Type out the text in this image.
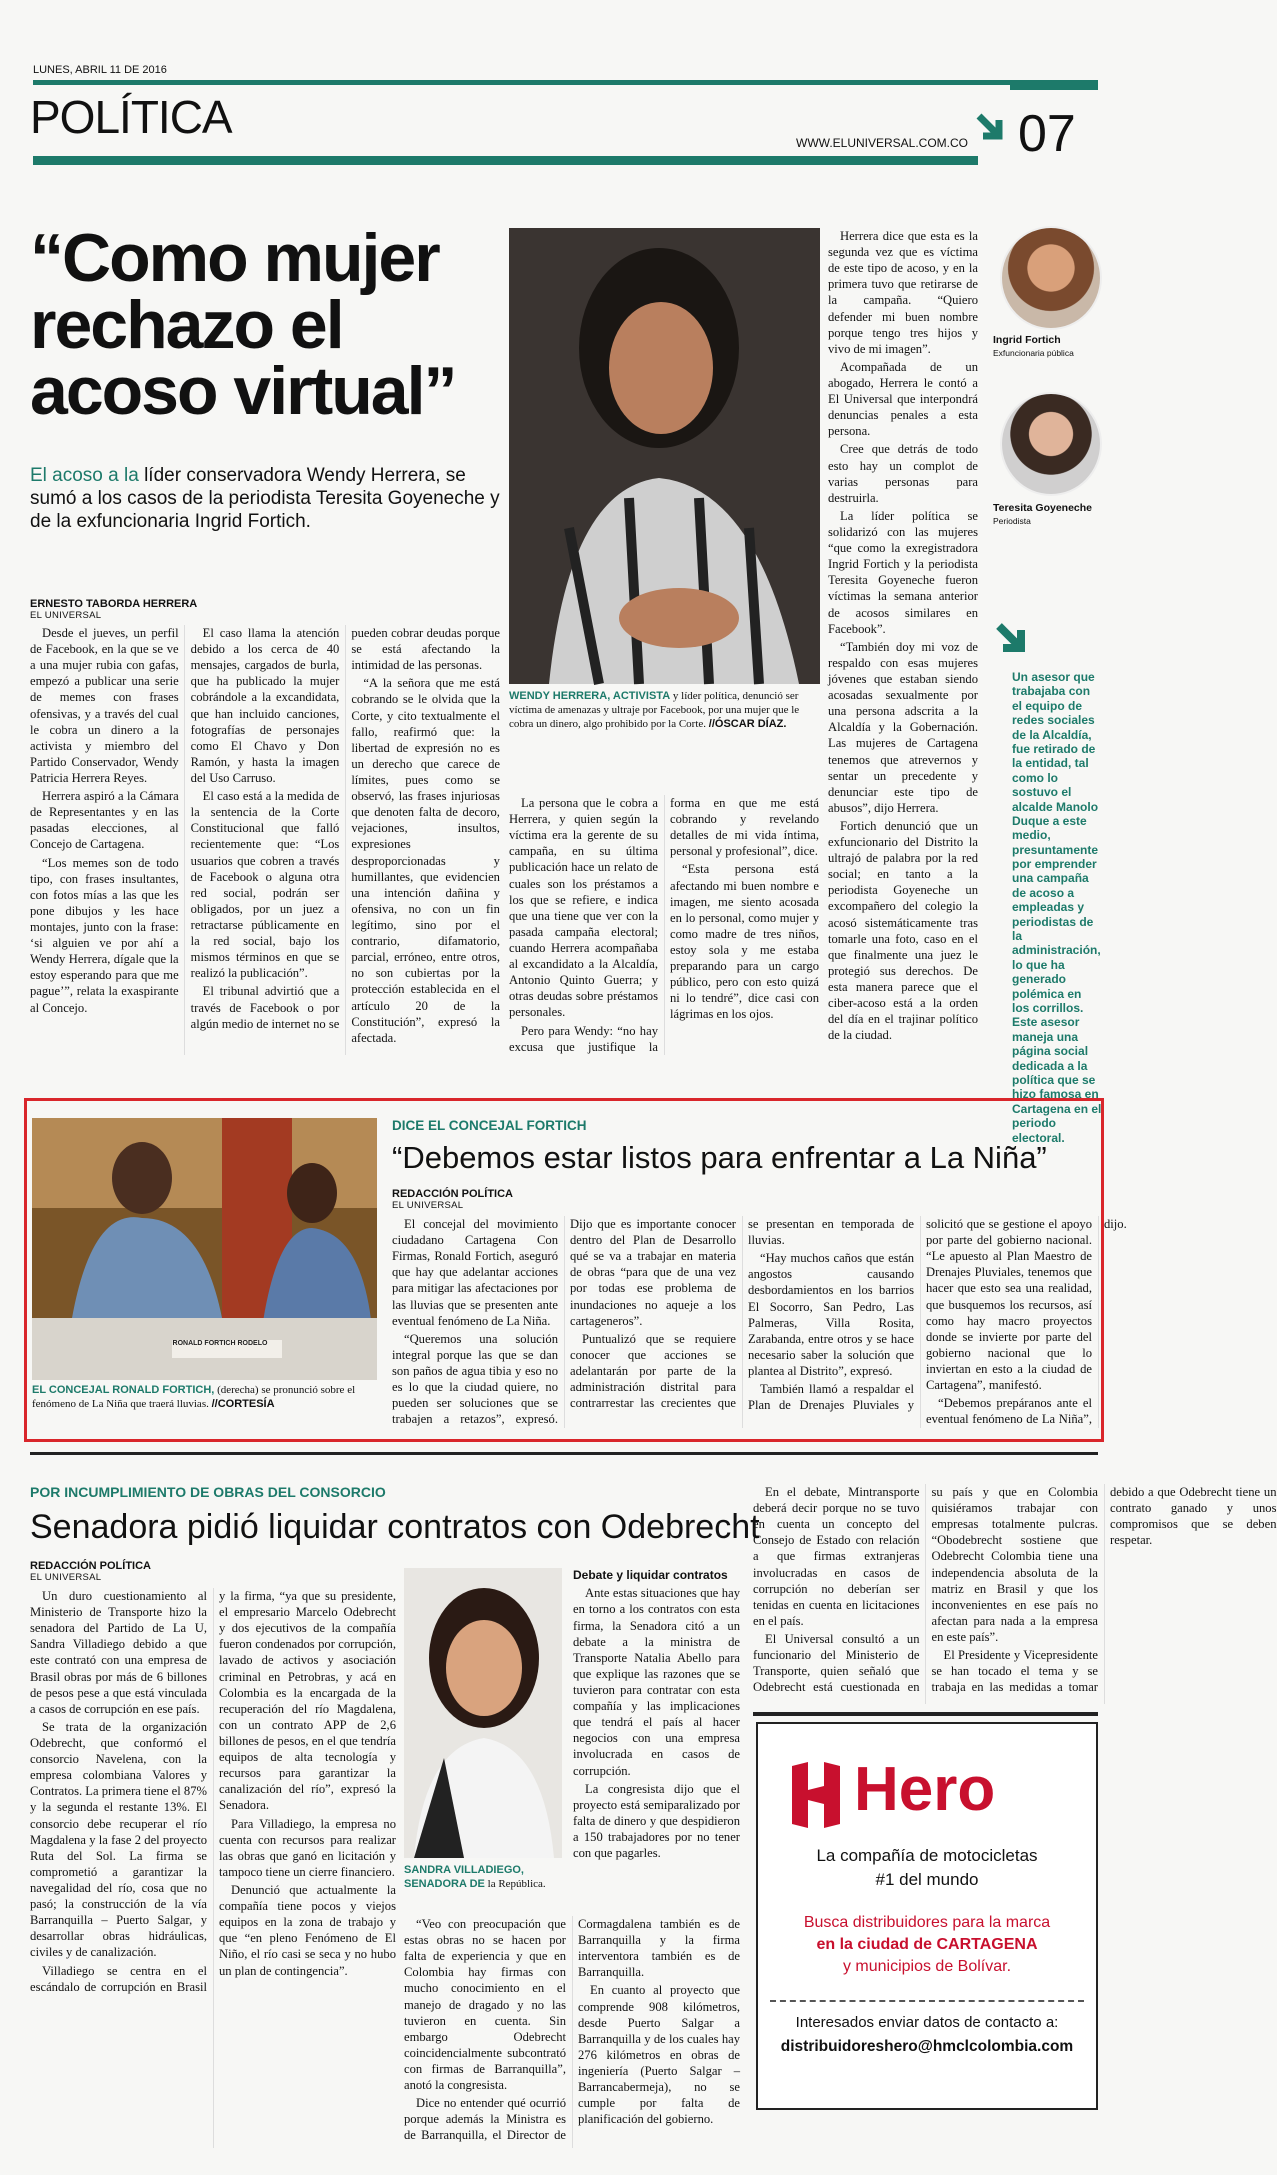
LUNES, ABRIL 11 DE 2016
POLÍTICA	WWW.ELUNIVERSAL.COM.CO 07
“Como mujer rechazo el acoso virtual”
El acoso a la líder conservadora Wendy Herrera, se sumó a los casos de la periodista Teresita Goyeneche y de la exfuncionaria Ingrid Fortich.
WENDY HERRERA, ACTIVISTA y líder política, denunció ser víctima de amenazas y ultraje por Facebook, por una mujer que le cobra un dinero, algo prohibido por la Corte. //ÓSCAR DÍAZ.
ERNESTO TABORDA HERRERA
EL UNIVERSAL

Desde el jueves, un perfil de Facebook, en la que se ve a una mujer rubia con gafas, empezó a publicar una serie de memes con frases ofensivas, y a través del cual le cobra un dinero a la activista y miembro del Partido Conservador, Wendy Patricia Herrera Reyes.

Herrera aspiró a la Cámara de Representantes y en las pasadas elecciones, al Concejo de Cartagena.

“Los memes son de todo tipo, con frases insultantes, con fotos mías a las que les pone dibujos y les hace montajes, junto con la frase: ‘si alguien ve por ahí a Wendy Herrera, dígale que la estoy esperando para que me pague’”, relata la exaspirante al Concejo.

El caso llama la atención debido a los cerca de 40 mensajes, cargados de burla, que ha publicado la mujer cobrándole a la excandidata, que han incluido canciones, fotografías de personajes como El Chavo y Don Ramón, y hasta la imagen del Uso Carruso.

El caso está a la medida de la sentencia de la Corte Constitucional que falló recientemente que: “Los usuarios que cobren a través de Facebook o alguna otra red social, podrán ser obligados, por un juez a retractarse públicamente en la red social, bajo los mismos términos en que se realizó la publicación”.

El tribunal advirtió que a través de Facebook o por algún medio de internet no se pueden cobrar deudas porque se está afectando la intimidad de las personas.

“A la señora que me está cobrando se le olvida que la Corte, y cito textualmente el fallo, reafirmó que: la libertad de expresión no es un derecho que carece de límites, pues como se observó, las frases injuriosas que denoten falta de decoro, vejaciones, insultos, expresiones desproporcionadas y humillantes, que evidencien una intención dañina y ofensiva, no con un fin legítimo, sino por el contrario, difamatorio, parcial, erróneo, entre otros, no son cubiertas por la protección establecida en el artículo 20 de la Constitución”, expresó la afectada.

La persona que le cobra a Herrera, y quien según la víctima era la gerente de su campaña, en su última publicación hace un relato de cuales son los préstamos a los que se refiere, e indica que una tiene que ver con la pasada campaña electoral; cuando Herrera acompañaba al excandidato a la Alcaldía, Antonio Quinto Guerra; y otras deudas sobre préstamos personales.

Pero para Wendy: “no hay excusa que justifique la forma en que me está cobrando y revelando detalles de mi vida íntima, personal y profesional”, dice.

“Esta persona está afectando mi buen nombre e imagen, me siento acosada en lo personal, como mujer y como madre de tres niños, estoy sola y me estaba preparando para un cargo público, pero con esto quizá ni lo tendré”, dice casi con lágrimas en los ojos.

Herrera dice que esta es la segunda vez que es víctima de este tipo de acoso, y en la primera tuvo que retirarse de la campaña. “Quiero defender mi buen nombre porque tengo tres hijos y vivo de mi imagen”.

Acompañada de un abogado, Herrera le contó a El Universal que interpondrá denuncias penales a esta persona.

Cree que detrás de todo esto hay un complot de varias personas para destruirla.

La líder política se solidarizó con las mujeres “que como la exregistradora Ingrid Fortich y la periodista Teresita Goyeneche fueron víctimas la semana anterior de acosos similares en Facebook”.

“También doy mi voz de respaldo con esas mujeres jóvenes que estaban siendo acosadas sexualmente por una persona adscrita a la Alcaldía y la Gobernación. Las mujeres de Cartagena tenemos que atrevernos y sentar un precedente y denunciar este tipo de abusos”, dijo Herrera.

Fortich denunció que un exfuncionario del Distrito la ultrajó de palabra por la red social; en tanto a la periodista Goyeneche un excompañero del colegio la acosó sistemáticamente tras tomarle una foto, caso en el que finalmente una juez le protegió sus derechos. De esta manera parece que el ciber-acoso está a la orden del día en el trajinar político de la ciudad.

Ingrid Fortich
Exfuncionaria pública
Teresita Goyeneche
Periodista
Un asesor que trabajaba con el equipo de redes sociales de la Alcaldía, fue retirado de la entidad, tal como lo sostuvo el alcalde Manolo Duque a este medio, presuntamente por emprender una campaña de acoso a empleadas y periodistas de la administración, lo que ha generado polémica en los corrillos. Este asesor maneja una página social dedicada a la política que se hizo famosa en Cartagena en el periodo electoral.
RONALD FORTICH RODELO
EL CONCEJAL RONALD FORTICH, (derecha) se pronunció sobre el fenómeno de La Niña que traerá lluvias. //CORTESÍA
DICE EL CONCEJAL FORTICH
“Debemos estar listos para enfrentar a La Niña”
REDACCIÓN POLÍTICA
EL UNIVERSAL

El concejal del movimiento ciudadano Cartagena Con Firmas, Ronald Fortich, aseguró que hay que adelantar acciones para mitigar las afectaciones por las lluvias que se presenten ante eventual fenómeno de La Niña.

“Queremos una solución integral porque las que se dan son paños de agua tibia y eso no es lo que la ciudad quiere, no pueden ser soluciones que se trabajen a retazos”, expresó. Dijo que es importante conocer dentro del Plan de Desarrollo qué se va a trabajar en materia de obras “para que de una vez por todas ese problema de inundaciones no aqueje a los cartageneros”.

Puntualizó que se requiere conocer que acciones se adelantarán por parte de la administración distrital para contrarrestar las crecientes que se presentan en temporada de lluvias.

“Hay muchos caños que están angostos causando desbordamientos en los barrios El Socorro, San Pedro, Las Palmeras, Villa Rosita, Zarabanda, entre otros y se hace necesario saber la solución que plantea al Distrito”, expresó.

También llamó a respaldar el Plan de Drenajes Pluviales y solicitó que se gestione el apoyo por parte del gobierno nacional. “Le apuesto al Plan Maestro de Drenajes Pluviales, tenemos que hacer que esto sea una realidad, que busquemos los recursos, así como hay macro proyectos donde se invierte por parte del gobierno nacional que lo inviertan en esto a la ciudad de Cartagena”, manifestó.

“Debemos prepáranos ante el eventual fenómeno de La Niña”, dijo.

POR INCUMPLIMIENTO DE OBRAS DEL CONSORCIO
Senadora pidió liquidar contratos con Odebrecht
REDACCIÓN POLÍTICA
EL UNIVERSAL

Un duro cuestionamiento al Ministerio de Transporte hizo la senadora del Partido de La U, Sandra Villadiego debido a que este contrató con una empresa de Brasil obras por más de 6 billones de pesos pese a que está vinculada a casos de corrupción en ese país.

Se trata de la organización Odebrecht, que conformó el consorcio Navelena, con la empresa colombiana Valores y Contratos. La primera tiene el 87% y la segunda el restante 13%. El consorcio debe recuperar el río Magdalena y la fase 2 del proyecto Ruta del Sol. La firma se comprometió a garantizar la navegalidad del río, cosa que no pasó; la construcción de la vía Barranquilla – Puerto Salgar, y desarrollar obras hidráulicas, civiles y de canalización.

Villadiego se centra en el escándalo de corrupción en Brasil y la firma, “ya que su presidente, el empresario Marcelo Odebrecht y dos ejecutivos de la compañía fueron condenados por corrupción, lavado de activos y asociación criminal en Petrobras, y acá en Colombia es la encargada de la recuperación del río Magdalena, con un contrato APP de 2,6 billones de pesos, en el que tendría equipos de alta tecnología y recursos para garantizar la canalización del río”, expresó la Senadora.

Para Villadiego, la empresa no cuenta con recursos para realizar las obras que ganó en licitación y tampoco tiene un cierre financiero.

Denunció que actualmente la compañía tiene pocos y viejos equipos en la zona de trabajo y que “en pleno Fenómeno de El Niño, el río casi se seca y no hubo un plan de contingencia”.

SANDRA VILLADIEGO, SENADORA DE la República.

“Veo con preocupación que estas obras no se hacen por falta de experiencia y que en Colombia hay firmas con mucho conocimiento en el manejo de dragado y no las tuvieron en cuenta. Sin embargo Odebrecht coincidencialmente subcontrató con firmas de Barranquilla”, anotó la congresista.

Dice no entender qué ocurrió porque además la Ministra es de Barranquilla, el Director de Cormagdalena también es de Barranquilla y la firma interventora también es de Barranquilla.

En cuanto al proyecto que comprende 908 kilómetros, desde Puerto Salgar a Barranquilla y de los cuales hay 276 kilómetros en obras de ingeniería (Puerto Salgar – Barrancabermeja), no se cumple por falta de planificación del gobierno.

Debate y liquidar contratos

Ante estas situaciones que hay en torno a los contratos con esta firma, la Senadora citó a un debate a la ministra de Transporte Natalia Abello para que explique las razones que se tuvieron para contratar con esta compañía y las implicaciones que tendrá el país al hacer negocios con una empresa involucrada en casos de corrupción.

La congresista dijo que el proyecto está semiparalizado por falta de dinero y que despidieron a 150 trabajadores por no tener con que pagarles.

En el debate, Mintransporte deberá decir porque no se tuvo en cuenta un concepto del Consejo de Estado con relación a que firmas extranjeras involucradas en casos de corrupción no deberían ser tenidas en cuenta en licitaciones en el país.

El Universal consultó a un funcionario del Ministerio de Transporte, quien señaló que Odebrecht está cuestionada en su país y que en Colombia quisiéramos trabajar con empresas totalmente pulcras. “Obodebrecht sostiene que Odebrecht Colombia tiene una independencia absoluta de la matriz en Brasil y que los inconvenientes en ese país no afectan para nada a la empresa en este país”.

El Presidente y Vicepresidente se han tocado el tema y se trabaja en las medidas a tomar debido a que Odebrecht tiene un contrato ganado y unos compromisos que se deben respetar.

Hero
La compañía de motocicletas
#1 del mundo
Busca distribuidores para la marca
en la ciudad de CARTAGENA
y municipios de Bolívar.
Interesados enviar datos de contacto a:
distribuidoreshero@hmclcolombia.com
